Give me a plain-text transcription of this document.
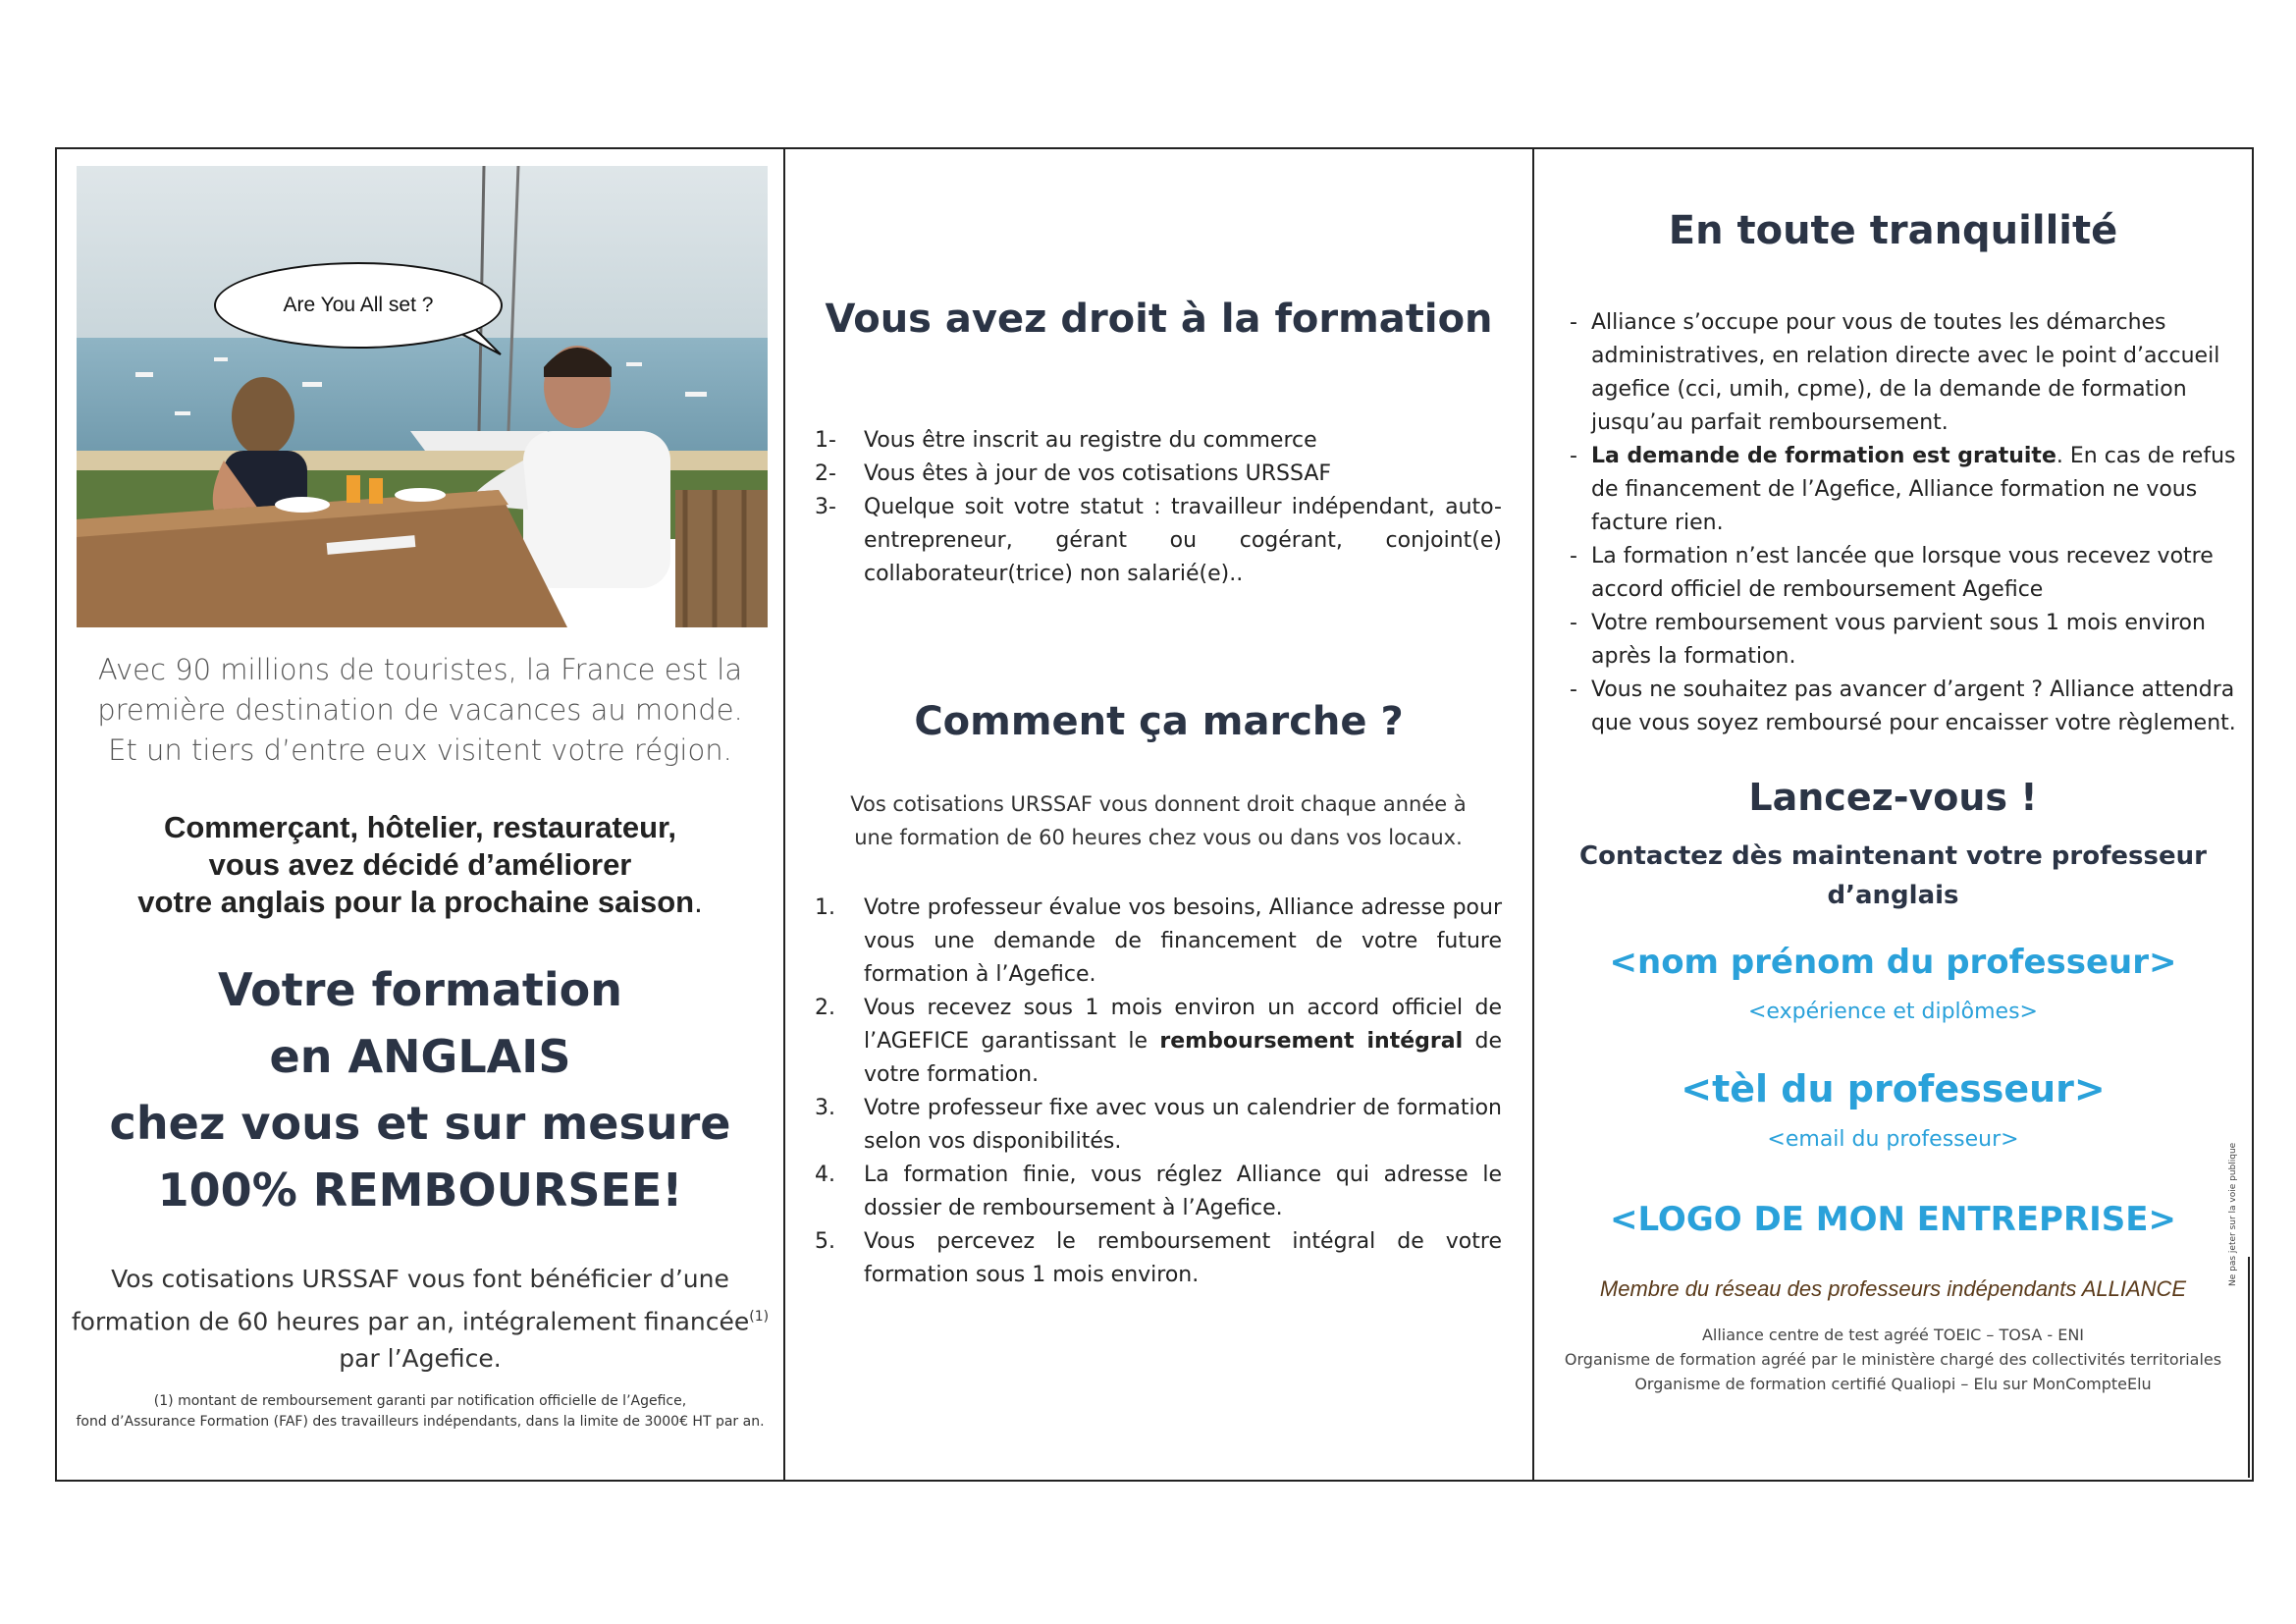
Are You All set ?
Avec 90 millions de touristes, la France est la
première destination de vacances au monde.
Et un tiers d’entre eux visitent votre région.
Commerçant, hôtelier, restaurateur,
vous avez décidé d’améliorer
votre anglais pour la prochaine saison.
Votre formation
en ANGLAIS
chez vous et sur mesure
100% REMBOURSEE!
Vos cotisations URSSAF vous font bénéficier d’une
formation de 60 heures par an, intégralement financée$^{(1)}$
par l’Agefice.
(1) montant de remboursement garanti par notification officielle de l’Agefice,
fond d’Assurance Formation (FAF) des travailleurs indépendants, dans la limite de 3000€ HT par an.
Vous avez droit à la formation
1- Vous être inscrit au registre du commerce
2- Vous êtes à jour de vos cotisations URSSAF
3- Quelque soit votre statut : travailleur indépendant, auto-entrepreneur, gérant ou cogérant, conjoint(e) collaborateur(trice) non salarié(e)..
Comment ça marche ?
Vos cotisations URSSAF vous donnent droit chaque année à
une formation de 60 heures chez vous ou dans vos locaux.
1. Votre professeur évalue vos besoins, Alliance adresse pour vous une demande de financement de votre future formation à l’Agefice.
2. Vous recevez sous 1 mois environ un accord officiel de l’AGEFICE garantissant le remboursement intégral de votre formation.
3. Votre professeur fixe avec vous un calendrier de formation selon vos disponibilités.
4. La formation finie, vous réglez Alliance qui adresse le dossier de remboursement à l’Agefice.
5. Vous percevez le remboursement intégral de votre formation sous 1 mois environ.
En toute tranquillité
- Alliance s’occupe pour vous de toutes les démarches administratives, en relation directe avec le point d’accueil agefice (cci, umih, cpme), de la demande de formation jusqu’au parfait remboursement.
- La demande de formation est gratuite. En cas de refus de financement de l’Agefice, Alliance formation ne vous facture rien.
- La formation n’est lancée que lorsque vous recevez votre accord officiel de remboursement Agefice
- Votre remboursement vous parvient sous 1 mois environ après la formation.
- Vous ne souhaitez pas avancer d’argent ? Alliance attendra que vous soyez remboursé pour encaisser votre règlement.
Lancez-vous !
Contactez dès maintenant votre professeur
d’anglais
<nom prénom du professeur>
<expérience et diplômes>
<tèl du professeur>
<email du professeur>
<LOGO DE MON ENTREPRISE>
Membre du réseau des professeurs indépendants ALLIANCE
Alliance centre de test agréé TOEIC – TOSA - ENI
Organisme de formation agréé par le ministère chargé des collectivités territoriales
Organisme de formation certifié Qualiopi – Elu sur MonCompteElu
Ne pas jeter sur la voie publique
